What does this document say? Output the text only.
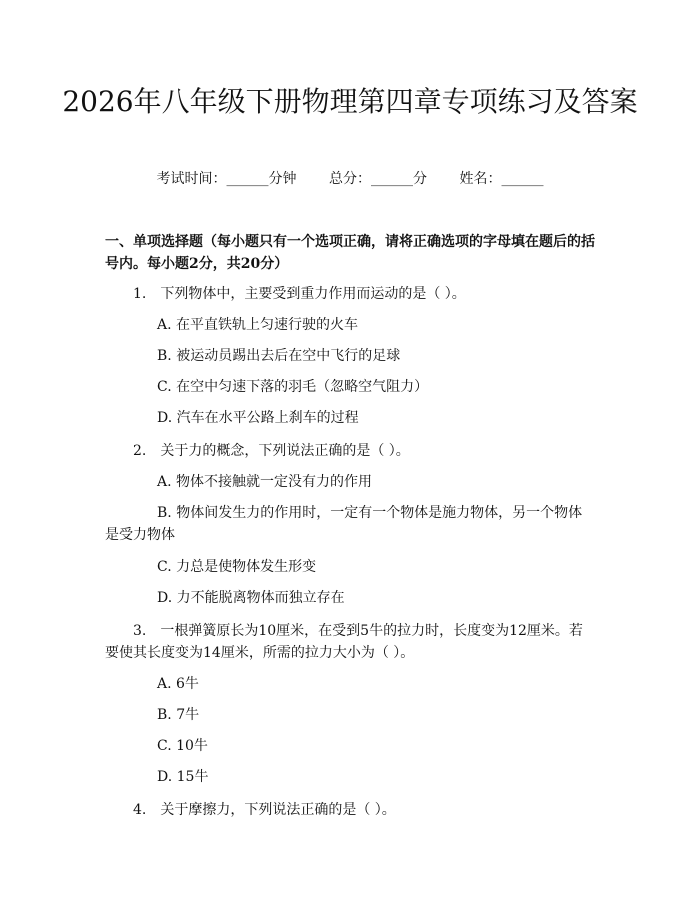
2026年八年级下册物理第四章专项练习及答案
考试时间：______分钟 总分：______分 姓名：______

一、单项选择题（每小题只有一个选项正确，请将正确选项的字母填在题后的括号内。每小题2分，共20分）

1.　下列物体中，主要受到重力作用而运动的是（ ）。

A. 在平直铁轨上匀速行驶的火车

B. 被运动员踢出去后在空中飞行的足球

C. 在空中匀速下落的羽毛（忽略空气阻力）

D. 汽车在水平公路上刹车的过程

2.　关于力的概念，下列说法正确的是（ ）。

A. 物体不接触就一定没有力的作用

B. 物体间发生力的作用时，一定有一个物体是施力物体，另一个物体是受力物体

C. 力总是使物体发生形变

D. 力不能脱离物体而独立存在

3.　一根弹簧原长为10厘米，在受到5牛的拉力时，长度变为12厘米。若要使其长度变为14厘米，所需的拉力大小为（ ）。

A. 6牛

B. 7牛

C. 10牛

D. 15牛

4.　关于摩擦力，下列说法正确的是（ ）。
